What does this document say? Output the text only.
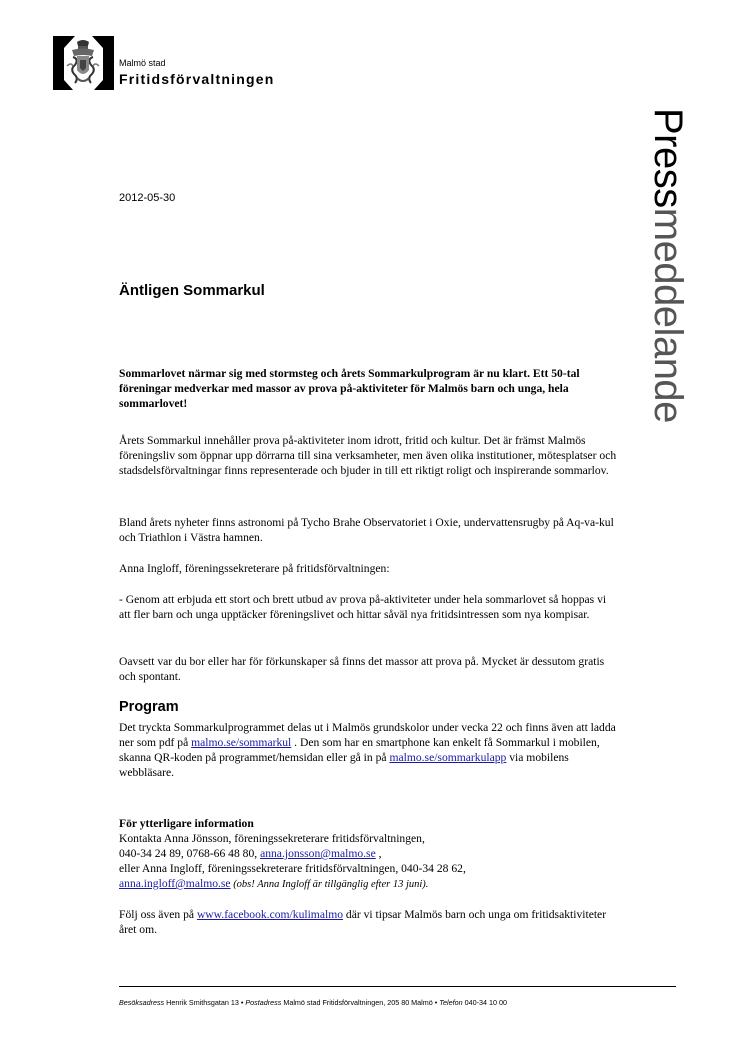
Malmö stad
Fritidsförvaltningen
Pressmeddelande
2012-05-30
Äntligen Sommarkul
Sommarlovet närmar sig med stormsteg och årets Sommarkulprogram är nu klart. Ett 50-tal föreningar medverkar med massor av prova på-aktiviteter för Malmös barn och unga, hela sommarlovet!
Årets Sommarkul innehåller prova på-aktiviteter inom idrott, fritid och kultur. Det är främst Malmös föreningsliv som öppnar upp dörrarna till sina verksamheter, men även olika institutioner, mötesplatser och stadsdelsförvaltningar finns representerade och bjuder in till ett riktigt roligt och inspirerande sommarlov.
Bland årets nyheter finns astronomi på Tycho Brahe Observatoriet i Oxie, undervattensrugby på Aq-va-kul och Triathlon i Västra hamnen.
Anna Ingloff, föreningssekreterare på fritidsförvaltningen:
- Genom att erbjuda ett stort och brett utbud av prova på-aktiviteter under hela sommarlovet så hoppas vi att fler barn och unga upptäcker föreningslivet och hittar såväl nya fritidsintressen som nya kompisar.
Oavsett var du bor eller har för förkunskaper så finns det massor att prova på. Mycket är dessutom gratis och spontant.
Program
Det tryckta Sommarkulprogrammet delas ut i Malmös grundskolor under vecka 22 och finns även att ladda ner som pdf på malmo.se/sommarkul . Den som har en smartphone kan enkelt få Sommarkul i mobilen, skanna QR-koden på programmet/hemsidan eller gå in på malmo.se/sommarkulapp via mobilens webbläsare.
För ytterligare information
Kontakta Anna Jönsson, föreningssekreterare fritidsförvaltningen,
040-34 24 89, 0768-66 48 80, anna.jonsson@malmo.se ,
eller Anna Ingloff, föreningssekreterare fritidsförvaltningen, 040-34 28 62,
anna.ingloff@malmo.se (obs! Anna Ingloff är tillgänglig efter 13 juni).
Följ oss även på www.facebook.com/kulimalmo där vi tipsar Malmös barn och unga om fritidsaktiviteter året om.
Besöksadress Henrik Smithsgatan 13 • Postadress Malmö stad Fritidsförvaltningen, 205 80 Malmö • Telefon 040-34 10 00
